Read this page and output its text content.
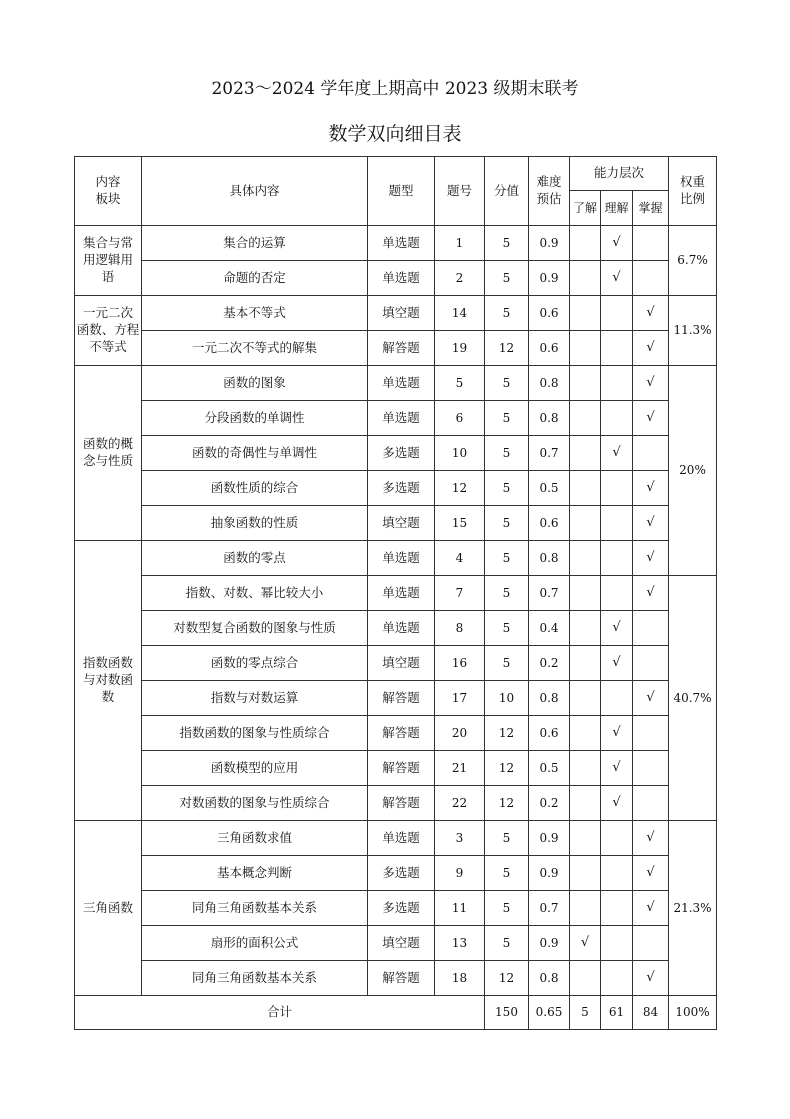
2023～2024 学年度上期高中 2023 级期末联考
数学双向细目表
内容
板块	具体内容	题型	题号	分值	难度
预估	能力层次			权重
比例
						了解	理解	掌握	
集合与常
用逻辑用
语	集合的运算	单选题	1	5	0.9		√		6.7%
	命题的否定	单选题	2	5	0.9		√		
一元二次
函数、方程
不等式	基本不等式	填空题	14	5	0.6			√	11.3%
	一元二次不等式的解集	解答题	19	12	0.6			√	
函数的概
念与性质	函数的图象	单选题	5	5	0.8			√	20%
	分段函数的单调性	单选题	6	5	0.8			√	
	函数的奇偶性与单调性	多选题	10	5	0.7		√		
	函数性质的综合	多选题	12	5	0.5			√	
	抽象函数的性质	填空题	15	5	0.6			√	
指数函数
与对数函
数	函数的零点	单选题	4	5	0.8			√	
	指数、对数、幂比较大小	单选题	7	5	0.7			√	40.7%
	对数型复合函数的图象与性质	单选题	8	5	0.4		√		
	函数的零点综合	填空题	16	5	0.2		√		
	指数与对数运算	解答题	17	10	0.8			√	
	指数函数的图象与性质综合	解答题	20	12	0.6		√		
	函数模型的应用	解答题	21	12	0.5		√		
	对数函数的图象与性质综合	解答题	22	12	0.2		√		
三角函数	三角函数求值	单选题	3	5	0.9			√	21.3%
	基本概念判断	多选题	9	5	0.9			√	
	同角三角函数基本关系	多选题	11	5	0.7			√	
	扇形的面积公式	填空题	13	5	0.9	√			
	同角三角函数基本关系	解答题	18	12	0.8			√	
合计				150	0.65	5	61	84	100%
